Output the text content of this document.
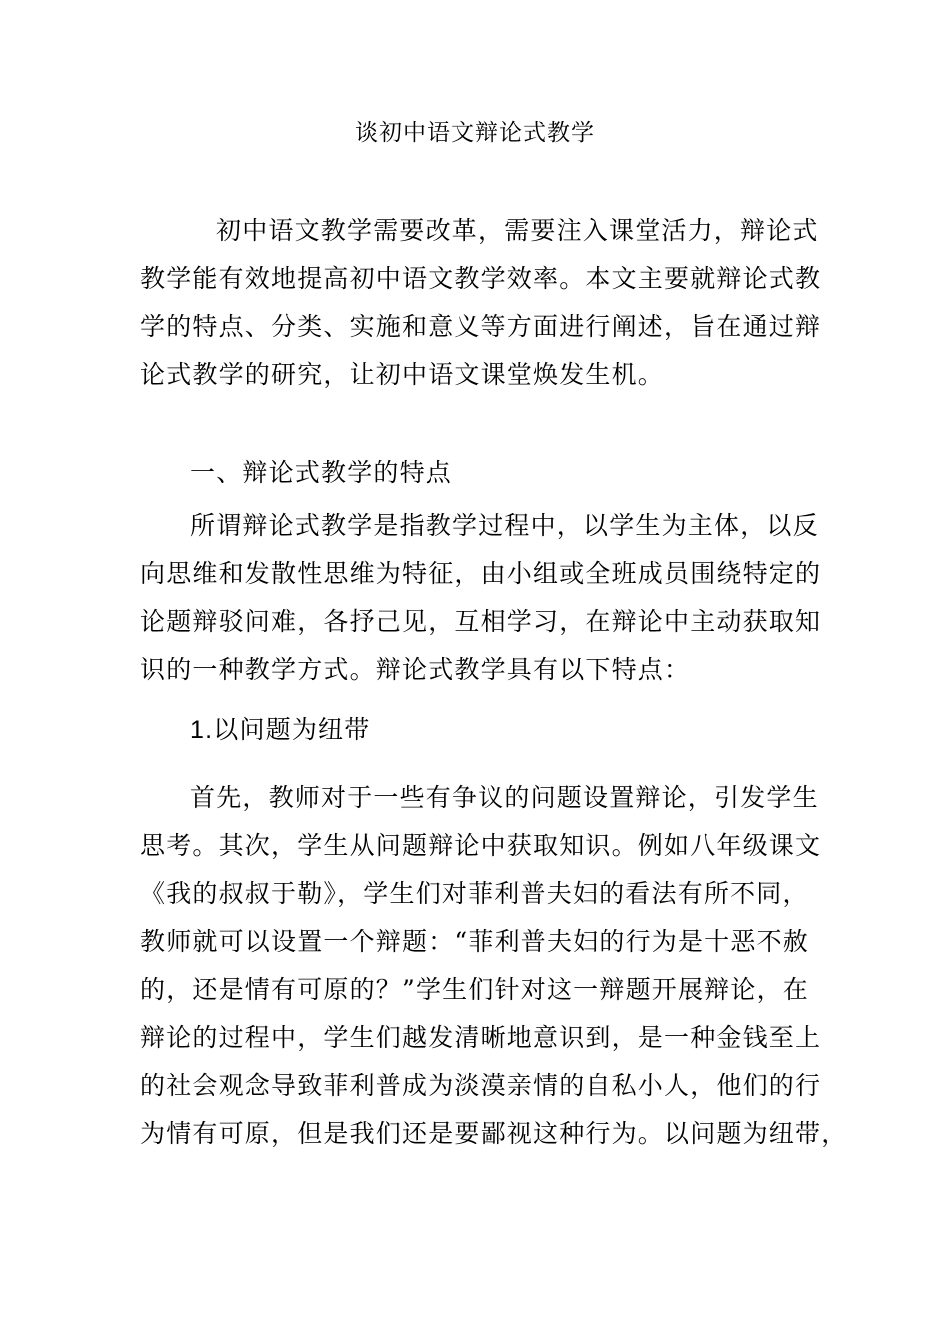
谈初中语文辩论式教学
初中语文教学需要改革，需要注入课堂活力，辩论式
教学能有效地提高初中语文教学效率。本文主要就辩论式教
学的特点、分类、实施和意义等方面进行阐述，旨在通过辩
论式教学的研究，让初中语文课堂焕发生机。
一、辩论式教学的特点
所谓辩论式教学是指教学过程中，以学生为主体，以反
向思维和发散性思维为特征，由小组或全班成员围绕特定的
论题辩驳问难，各抒己见，互相学习，在辩论中主动获取知
识的一种教学方式。辩论式教学具有以下特点：
1.以问题为纽带
首先，教师对于一些有争议的问题设置辩论，引发学生
思考。其次，学生从问题辩论中获取知识。例如八年级课文
《我的叔叔于勒》，学生们对菲利普夫妇的看法有所不同，
教师就可以设置一个辩题：“菲利普夫妇的行为是十恶不赦
的，还是情有可原的？”学生们针对这一辩题开展辩论，在
辩论的过程中，学生们越发清晰地意识到，是一种金钱至上
的社会观念导致菲利普成为淡漠亲情的自私小人，他们的行
为情有可原，但是我们还是要鄙视这种行为。以问题为纽带，
